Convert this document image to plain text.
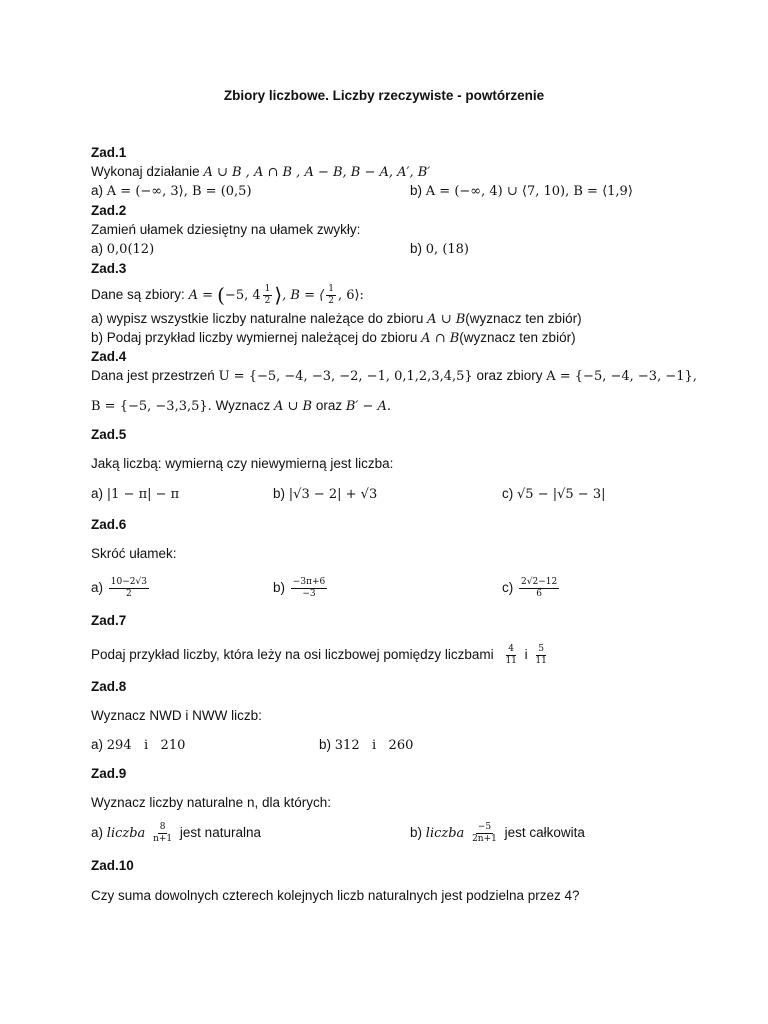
Zbiory liczbowe. Liczby rzeczywiste - powtórzenie
Zad.1
Wykonaj działanie A ∪ B , A ∩ B , A − B, B − A, A′, B′
a) A = (−∞, 3⟩, B = (0,5)	b) A = (−∞, 4) ∪ ⟨7, 10), B = ⟨1,9⟩
Zad.2
Zamień ułamek dziesiętny na ułamek zwykły:
a) 0,0(12)	b) 0, (18)
Zad.3
Dane są zbiory: A = (−5, $4 \frac{1}{2}$ ⟩, B = ⟨ $\frac{1}{2}$ , 6⟩:
a) wypisz wszystkie liczby naturalne należące do zbioru A ∪ B(wyznacz ten zbiór)
b) Podaj przykład liczby wymiernej należącej do zbioru A ∩ B(wyznacz ten zbiór)
Zad.4
Dana jest przestrzeń U = {−5, −4, −3, −2, −1, 0,1,2,3,4,5} oraz zbiory A = {−5, −4, −3, −1},
B = {−5, −3,3,5}. Wyznacz A ∪ B oraz B′ − A.
Zad.5
Jaką liczbą: wymierną czy niewymierną jest liczba:
a) |1 − π| − π	b) |√3 − 2| + √3	c) √5 − |√5 − 3|
Zad.6
Skróć ułamek:
$a) \frac{10-2√3}{2}$	$b) \frac{-3\pi+6}{-3}$	$c) \frac{2√2-12}{6}$
Zad.7
Podaj przykład liczby, która leży na osi liczbowej pomiędzy liczbami $\frac{4}{11}$ i $\frac{5}{11}$
Zad.8
Wyznacz NWD i NWW liczb:
a) 294   i   210	b) 312   i   260
Zad.9
Wyznacz liczby naturalne n, dla których:
a) liczba $\frac{8}{n+1}$ jest naturalna	b) liczba $\frac{-5}{2n+1}$ jest całkowita
Zad.10
Czy suma dowolnych czterech kolejnych liczb naturalnych jest podzielna przez 4?
